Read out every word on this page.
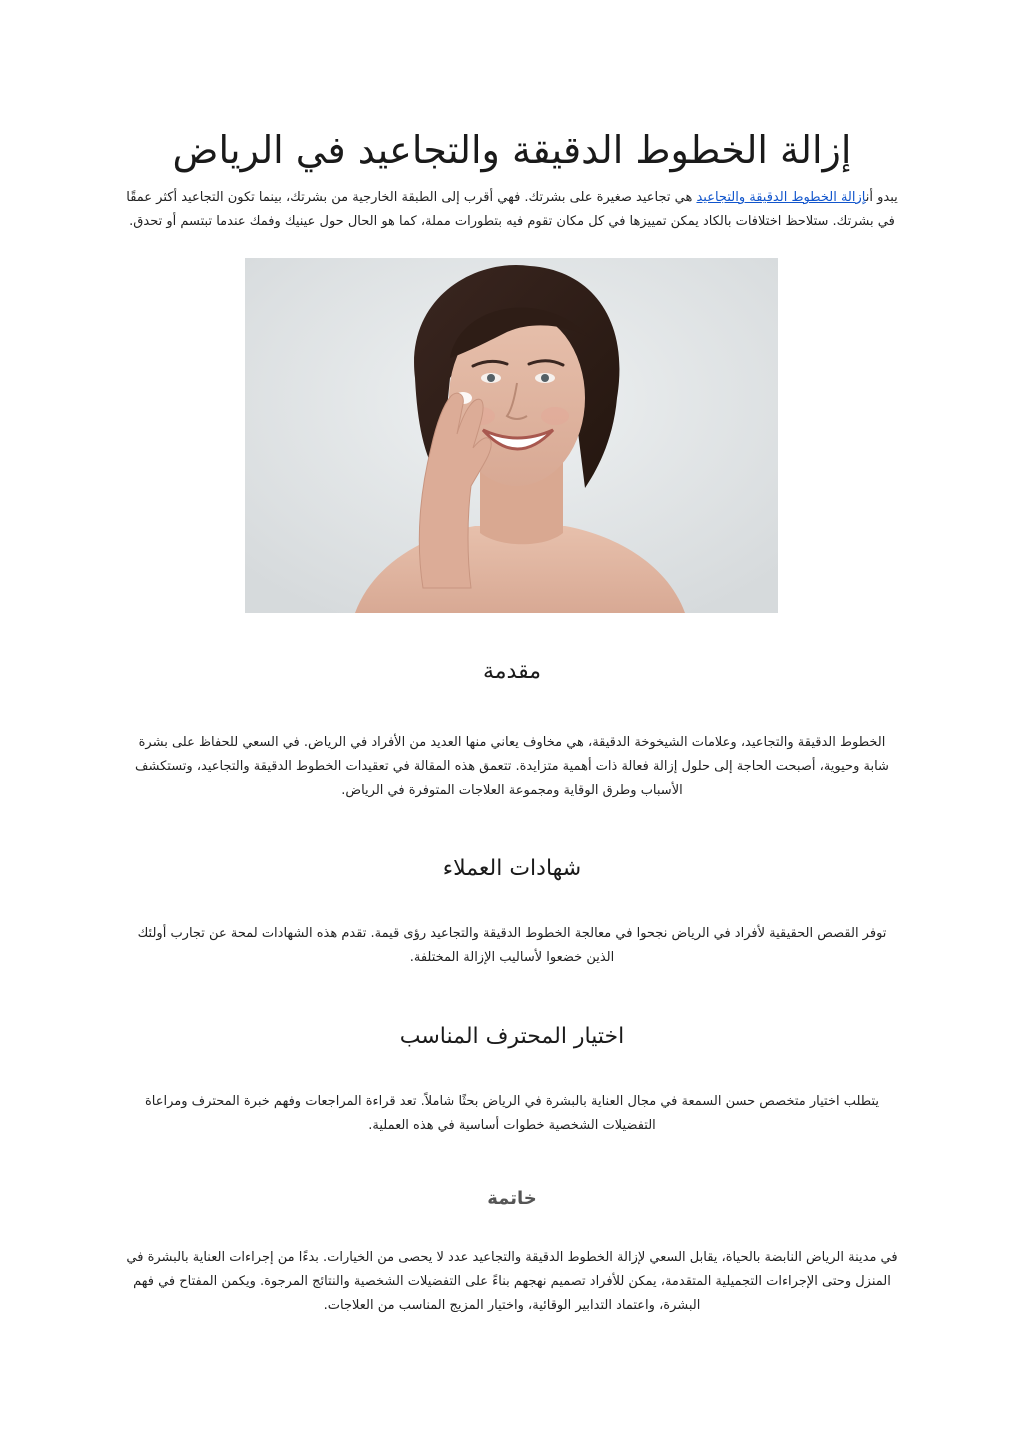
إزالة الخطوط الدقيقة والتجاعيد في الرياض

يبدو أنإزالة الخطوط الدقيقة والتجاعيد هي تجاعيد صغيرة على بشرتك. فهي أقرب إلى الطبقة الخارجية من بشرتك، بينما تكون التجاعيد أكثر عمقًا في بشرتك. ستلاحظ اختلافات بالكاد يمكن تمييزها في كل مكان تقوم فيه بتطورات مملة، كما هو الحال حول عينيك وفمك عندما تبتسم أو تحدق.

مقدمة

الخطوط الدقيقة والتجاعيد، وعلامات الشيخوخة الدقيقة، هي مخاوف يعاني منها العديد من الأفراد في الرياض. في السعي للحفاظ على بشرة شابة وحيوية، أصبحت الحاجة إلى حلول إزالة فعالة ذات أهمية متزايدة. تتعمق هذه المقالة في تعقيدات الخطوط الدقيقة والتجاعيد، وتستكشف الأسباب وطرق الوقاية ومجموعة العلاجات المتوفرة في الرياض.

شهادات العملاء

توفر القصص الحقيقية لأفراد في الرياض نجحوا في معالجة الخطوط الدقيقة والتجاعيد رؤى قيمة. تقدم هذه الشهادات لمحة عن تجارب أولئك الذين خضعوا لأساليب الإزالة المختلفة.

اختيار المحترف المناسب

يتطلب اختيار متخصص حسن السمعة في مجال العناية بالبشرة في الرياض بحثًا شاملاً. تعد قراءة المراجعات وفهم خبرة المحترف ومراعاة التفضيلات الشخصية خطوات أساسية في هذه العملية.

خاتمة

في مدينة الرياض النابضة بالحياة، يقابل السعي لإزالة الخطوط الدقيقة والتجاعيد عدد لا يحصى من الخيارات. بدءًا من إجراءات العناية بالبشرة في المنزل وحتى الإجراءات التجميلية المتقدمة، يمكن للأفراد تصميم نهجهم بناءً على التفضيلات الشخصية والنتائج المرجوة. ويكمن المفتاح في فهم البشرة، واعتماد التدابير الوقائية، واختيار المزيج المناسب من العلاجات.
